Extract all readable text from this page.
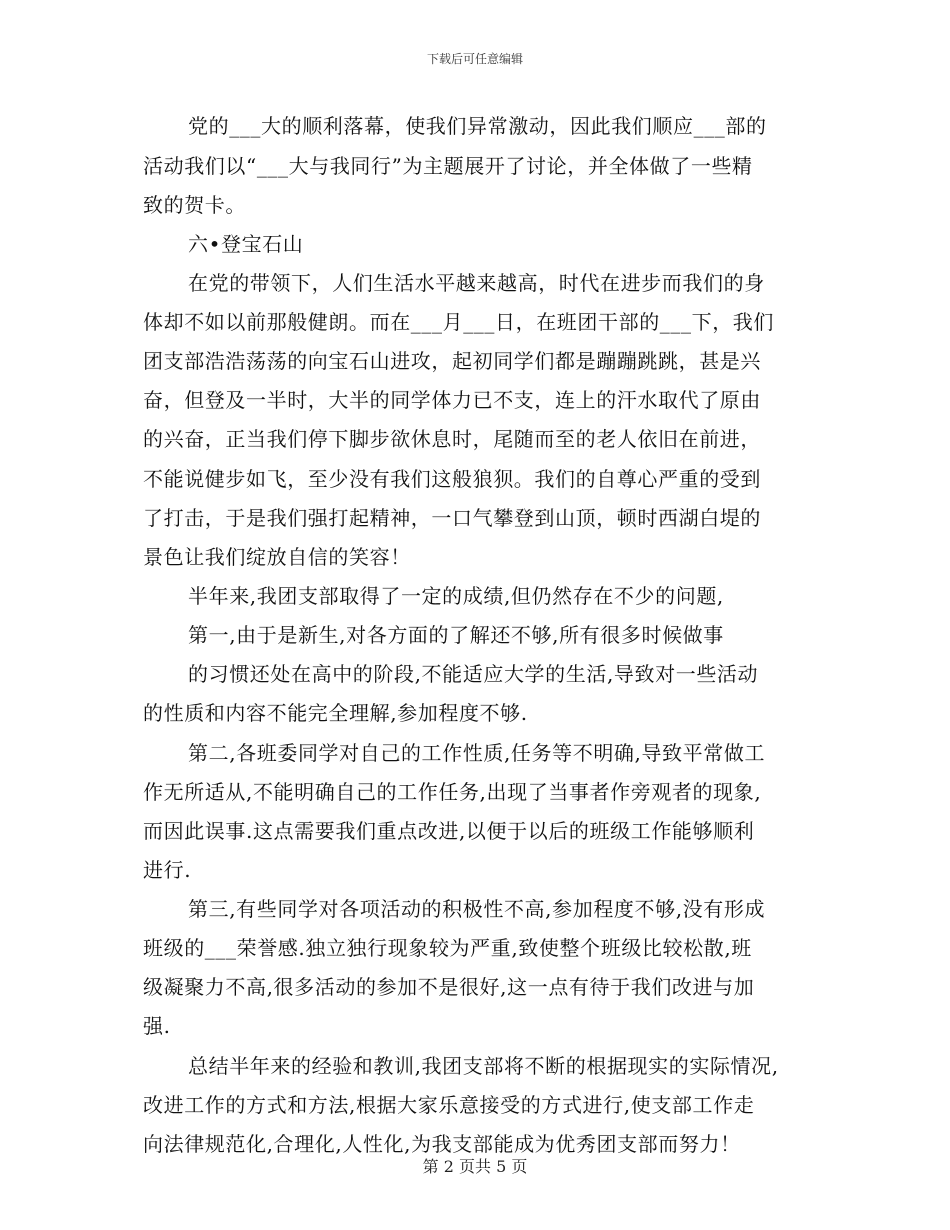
下载后可任意编辑
党的___大的顺利落幕，使我们异常激动，因此我们顺应___部的
活动我们以“___大与我同行”为主题展开了讨论，并全体做了一些精
致的贺卡。
六•登宝石山
在党的带领下，人们生活水平越来越高，时代在进步而我们的身
体却不如以前那般健朗。而在___月___日，在班团干部的___下，我们
团支部浩浩荡荡的向宝石山进攻，起初同学们都是蹦蹦跳跳，甚是兴
奋，但登及一半时，大半的同学体力已不支，连上的汗水取代了原由
的兴奋，正当我们停下脚步欲休息时，尾随而至的老人依旧在前进，
不能说健步如飞，至少没有我们这般狼狈。我们的自尊心严重的受到
了打击，于是我们强打起精神，一口气攀登到山顶，顿时西湖白堤的
景色让我们绽放自信的笑容！
半年来,我团支部取得了一定的成绩,但仍然存在不少的问题,
第一,由于是新生,对各方面的了解还不够,所有很多时候做事
的习惯还处在高中的阶段,不能适应大学的生活,导致对一些活动
的性质和内容不能完全理解,参加程度不够.
第二,各班委同学对自己的工作性质,任务等不明确,导致平常做工
作无所适从,不能明确自己的工作任务,出现了当事者作旁观者的现象,
而因此误事.这点需要我们重点改进,以便于以后的班级工作能够顺利
进行.
第三,有些同学对各项活动的积极性不高,参加程度不够,没有形成
班级的___荣誉感.独立独行现象较为严重,致使整个班级比较松散,班
级凝聚力不高,很多活动的参加不是很好,这一点有待于我们改进与加
强.
总结半年来的经验和教训,我团支部将不断的根据现实的实际情况,
改进工作的方式和方法,根据大家乐意接受的方式进行,使支部工作走
向法律规范化,合理化,人性化,为我支部能成为优秀团支部而努力！
第 2 页共 5 页
